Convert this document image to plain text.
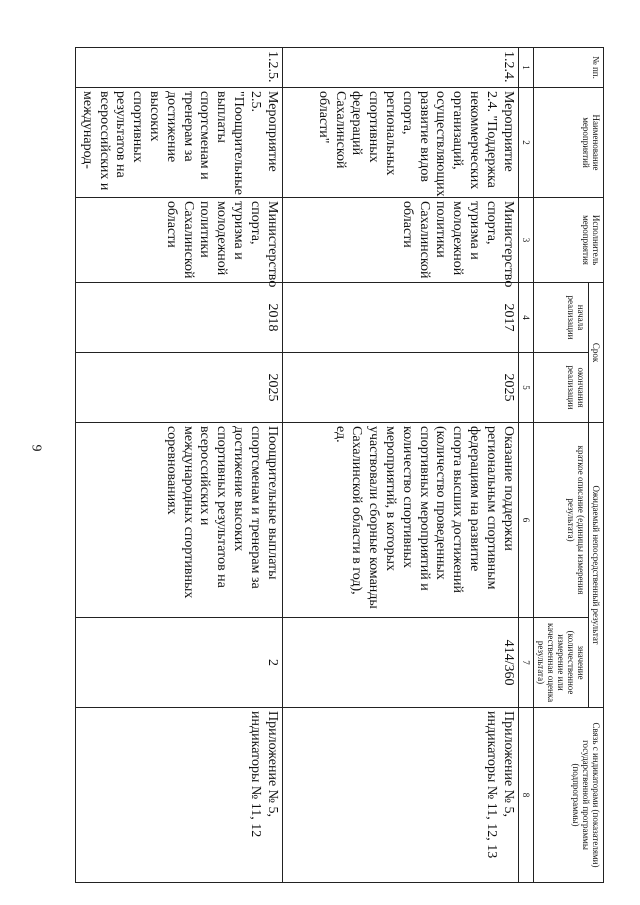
9
№ пп.	Наименование мероприятий	Исполнитель мероприятия	Срок		Ожидаемый непосредственный результат		Связь с индикаторами (показателями) государственной программы (подпрограммы)
			начала реализации	окончания реализации	краткое описание (единицы измерения результата)	значение (количественное измерение или качественная оценка результата)	
1	2	3	4	5	6	7	8
1.2.4.	Мероприятие 2.4. "Поддержка некоммерческих организаций, осуществляющих развитие видов спорта, региональных спортивных федераций Сахалинской области"	Министерство спорта, туризма и молодежной политики Сахалинской области	2017	2025	Оказание поддержки региональным спортивным федерациям на развитие спорта высших достижений (количество проведенных спортивных мероприятий и количество спортивных мероприятий, в которых участвовали сборные команды Сахалинской области в год), ед.	414/360	Приложение № 5, индикаторы № 11, 12, 13
1.2.5.	Мероприятие 2.5. "Поощрительные выплаты спортсменам и тренерам за достижение высоких спортивных результатов на всероссийских и международ-	Министерство спорта, туризма и молодежной политики Сахалинской области	2018	2025	Поощрительные выплаты спортсменам и тренерам за достижение высоких спортивных результатов на всероссийских и международных спортивных соревнованиях	2	Приложение № 5, индикаторы № 11, 12
